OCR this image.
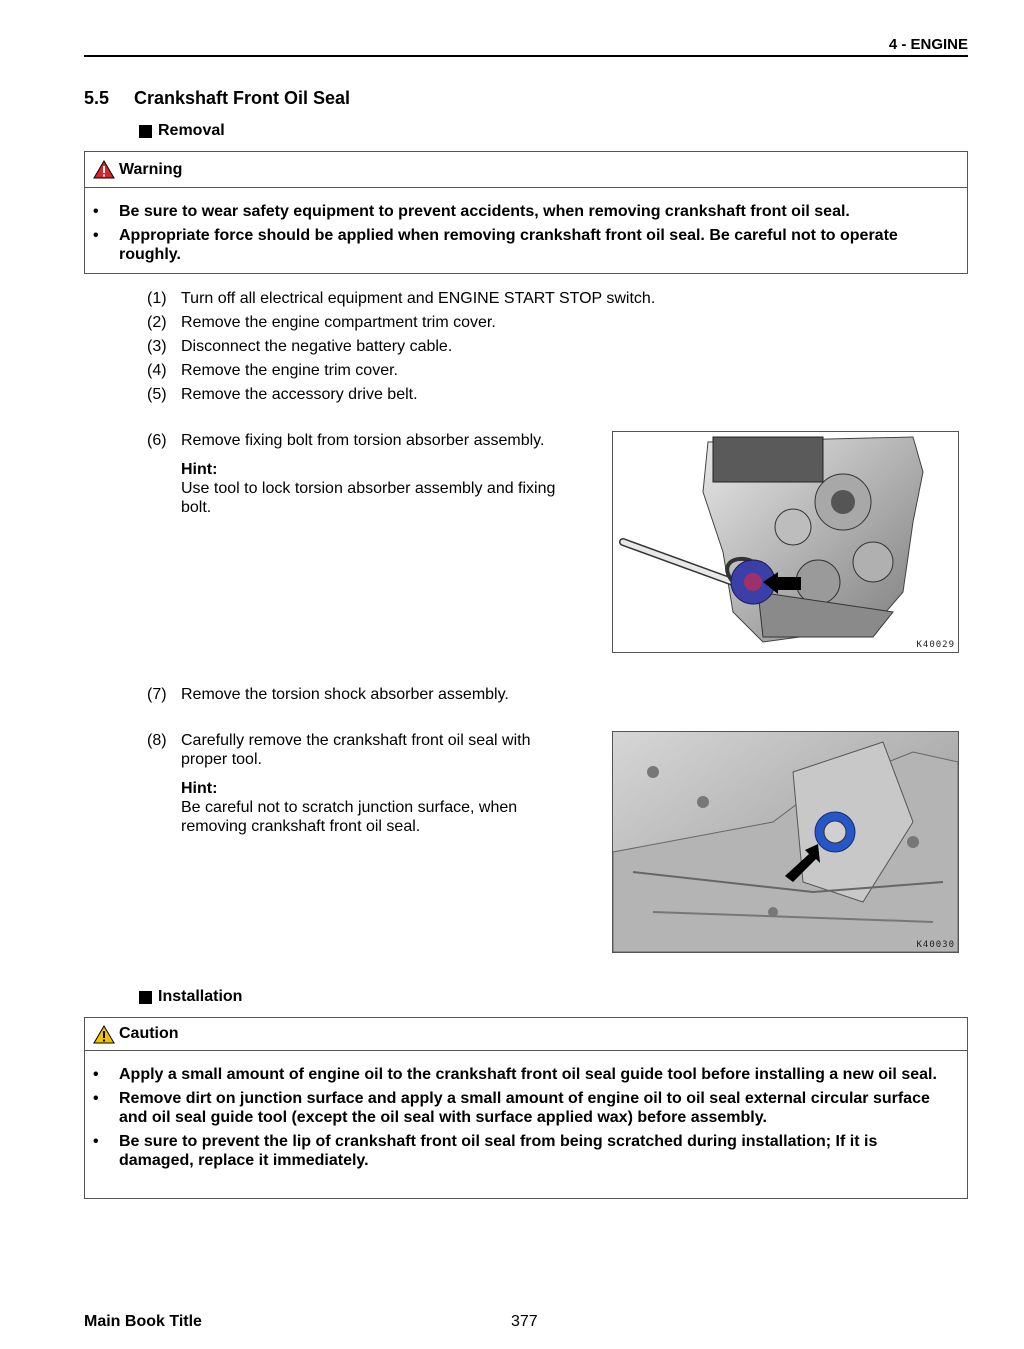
4 - ENGINE
5.5 Crankshaft Front Oil Seal
Removal
Warning
• Be sure to wear safety equipment to prevent accidents, when removing crankshaft front oil seal.
• Appropriate force should be applied when removing crankshaft front oil seal. Be careful not to operate roughly.
(1) Turn off all electrical equipment and ENGINE START STOP switch.
(2) Remove the engine compartment trim cover.
(3) Disconnect the negative battery cable.
(4) Remove the engine trim cover.
(5) Remove the accessory drive belt.
(6) Remove fixing bolt from torsion absorber assembly.
Hint:
Use tool to lock torsion absorber assembly and fixing bolt.
K40029
(7) Remove the torsion shock absorber assembly.
(8) Carefully remove the crankshaft front oil seal with proper tool.
Hint:
Be careful not to scratch junction surface, when removing crankshaft front oil seal.
K40030
Installation
Caution
• Apply a small amount of engine oil to the crankshaft front oil seal guide tool before installing a new oil seal.
• Remove dirt on junction surface and apply a small amount of engine oil to oil seal external circular surface and oil seal guide tool (except the oil seal with surface applied wax) before assembly.
• Be sure to prevent the lip of crankshaft front oil seal from being scratched during installation; If it is damaged, replace it immediately.
Main Book Title	377
